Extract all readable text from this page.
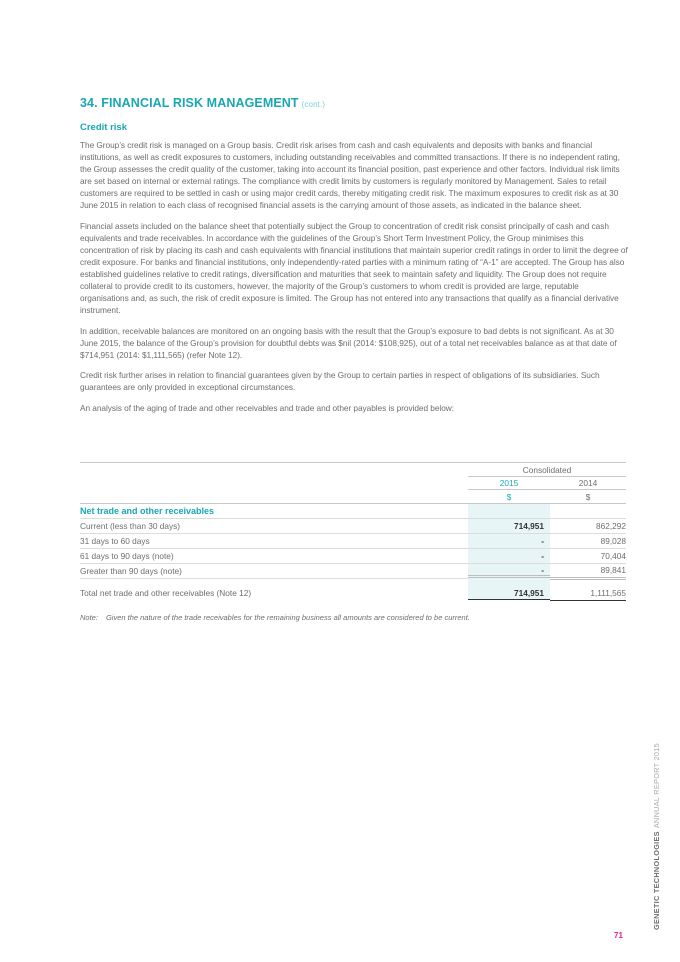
34. FINANCIAL RISK MANAGEMENT (cont.)
Credit risk

The Group’s credit risk is managed on a Group basis. Credit risk arises from cash and cash equivalents and deposits with banks and financial institutions, as well as credit exposures to customers, including outstanding receivables and committed transactions. If there is no independent rating, the Group assesses the credit quality of the customer, taking into account its financial position, past experience and other factors. Individual risk limits are set based on internal or external ratings. The compliance with credit limits by customers is regularly monitored by Management. Sales to retail customers are required to be settled in cash or using major credit cards, thereby mitigating credit risk. The maximum exposures to credit risk as at 30 June 2015 in relation to each class of recognised financial assets is the carrying amount of those assets, as indicated in the balance sheet.

Financial assets included on the balance sheet that potentially subject the Group to concentration of credit risk consist principally of cash and cash equivalents and trade receivables. In accordance with the guidelines of the Group’s Short Term Investment Policy, the Group minimises this concentration of risk by placing its cash and cash equivalents with financial institutions that maintain superior credit ratings in order to limit the degree of credit exposure. For banks and financial institutions, only independently-rated parties with a minimum rating of “A-1” are accepted. The Group has also established guidelines relative to credit ratings, diversification and maturities that seek to maintain safety and liquidity. The Group does not require collateral to provide credit to its customers, however, the majority of the Group’s customers to whom credit is provided are large, reputable organisations and, as such, the risk of credit exposure is limited. The Group has not entered into any transactions that qualify as a financial derivative instrument.

In addition, receivable balances are monitored on an ongoing basis with the result that the Group’s exposure to bad debts is not significant. As at 30 June 2015, the balance of the Group’s provision for doubtful debts was $nil (2014: $108,925), out of a total net receivables balance as at that date of $714,951 (2014: $1,111,565) (refer Note 12).

Credit risk further arises in relation to financial guarantees given by the Group to certain parties in respect of obligations of its subsidiaries. Such guarantees are only provided in exceptional circumstances.

An analysis of the aging of trade and other receivables and trade and other payables is provided below:

Consolidated
2015	2014
$	$
Net trade and other receivables
Current (less than 30 days)	714,951	862,292
31 days to 60 days	-	89,028
61 days to 90 days (note)	-	70,404
Greater than 90 days (note)	-	89,841
Total net trade and other receivables (Note 12)	714,951	1,111,565
Note: Given the nature of the trade receivables for the remaining business all amounts are considered to be current.
GENETIC TECHNOLOGIESANNUAL REPORT 2015
71
